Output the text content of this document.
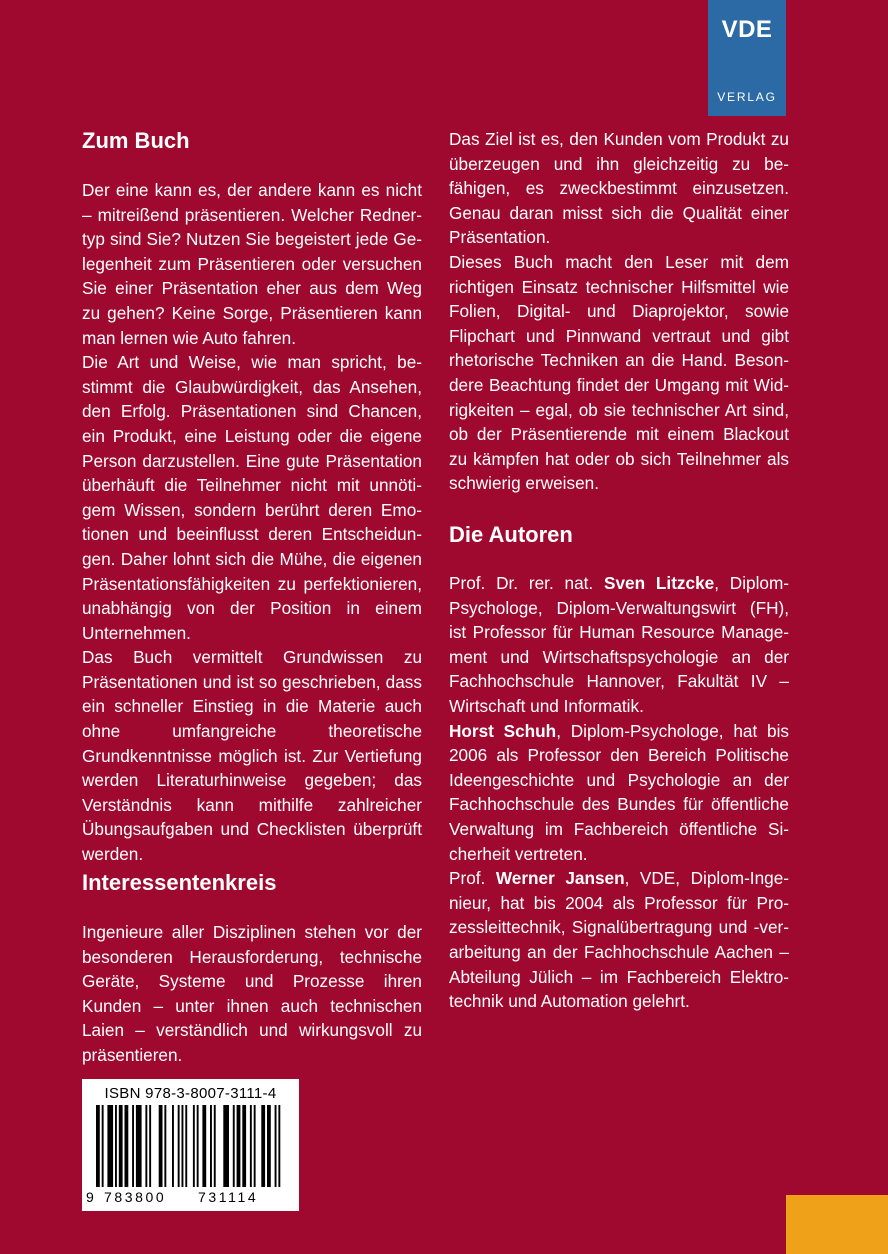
VDE
VERLAG
Zum Buch

Der eine kann es, der andere kann es nicht – mitreißend präsentieren. Welcher Rednertyp sind Sie? Nutzen Sie begeistert jede Gelegenheit zum Präsentieren oder versuchen Sie einer Präsentation eher aus dem Weg zu gehen? Keine Sorge, Präsentieren kann man lernen wie Auto fahren.

Die Art und Weise, wie man spricht, bestimmt die Glaubwürdigkeit, das Ansehen, den Erfolg. Präsentationen sind Chancen, ein Produkt, eine Leistung oder die eigene Person darzustellen. Eine gute Präsentation überhäuft die Teilnehmer nicht mit unnötigem Wissen, sondern berührt deren Emotionen und beeinflusst deren Entscheidungen. Daher lohnt sich die Mühe, die eigenen Präsentationsfähigkeiten zu perfektionieren, unabhängig von der Position in einem Unternehmen.

Das Buch vermittelt Grundwissen zu Präsentationen und ist so geschrieben, dass ein schneller Einstieg in die Materie auch ohne umfangreiche theoretische Grundkenntnisse möglich ist. Zur Vertiefung werden Literaturhinweise gegeben; das Verständnis kann mithilfe zahlreicher Übungsaufgaben und Checklisten überprüft werden.

Interessentenkreis

Ingenieure aller Disziplinen stehen vor der besonderen Herausforderung, technische Geräte, Systeme und Prozesse ihren Kunden – unter ihnen auch technischen Laien – verständlich und wirkungsvoll zu präsentieren.

Das Ziel ist es, den Kunden vom Produkt zu überzeugen und ihn gleichzeitig zu befähigen, es zweckbestimmt einzusetzen. Genau daran misst sich die Qualität einer Präsentation.

Dieses Buch macht den Leser mit dem richtigen Einsatz technischer Hilfsmittel wie Folien, Digital- und Diaprojektor, sowie Flipchart und Pinnwand vertraut und gibt rhetorische Techniken an die Hand. Besondere Beachtung findet der Umgang mit Widrigkeiten – egal, ob sie technischer Art sind, ob der Präsentierende mit einem Blackout zu kämpfen hat oder ob sich Teilnehmer als schwierig erweisen.

Die Autoren

Prof. Dr. rer. nat. Sven Litzcke, Diplom-Psychologe, Diplom-Verwaltungswirt (FH), ist Professor für Human Resource Management und Wirtschaftspsychologie an der Fachhochschule Hannover, Fakultät IV – Wirtschaft und Informatik.

Horst Schuh, Diplom-Psychologe, hat bis 2006 als Professor den Bereich Politische Ideengeschichte und Psychologie an der Fachhochschule des Bundes für öffentliche Verwaltung im Fachbereich öffentliche Sicherheit vertreten.

Prof. Werner Jansen, VDE, Diplom-Ingenieur, hat bis 2004 als Professor für Prozessleittechnik, Signalübertragung und -verarbeitung an der Fachhochschule Aachen – Abteilung Jülich – im Fachbereich Elektrotechnik und Automation gelehrt.

ISBN 978-3-8007-3111-4
9 783800 731114
